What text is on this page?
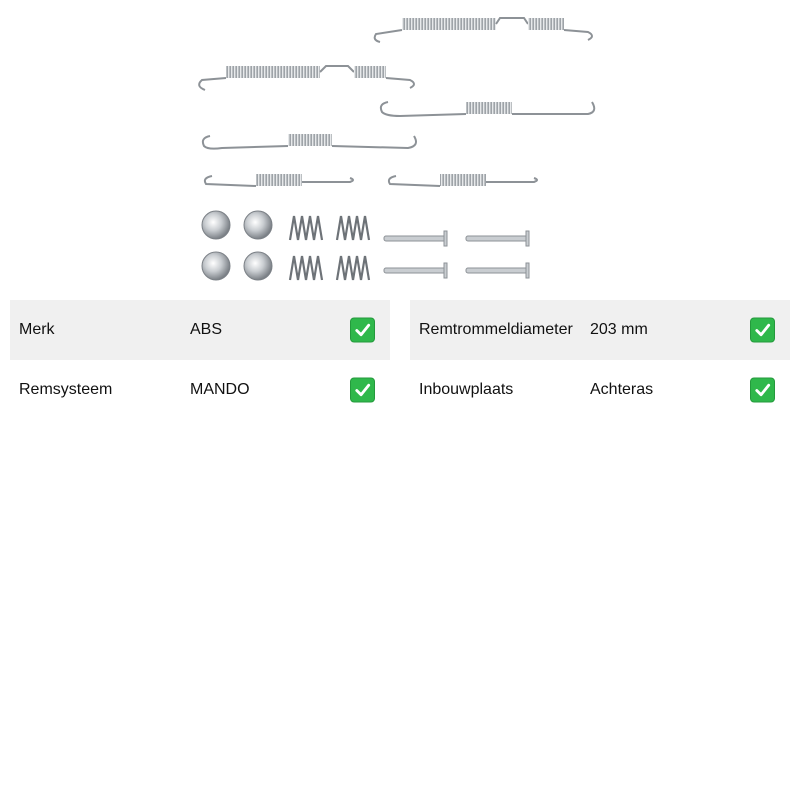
Merk	ABS
Remsysteem	MANDO
Remtrommeldiameter 203 mm
Inbouwplaats	Achteras
